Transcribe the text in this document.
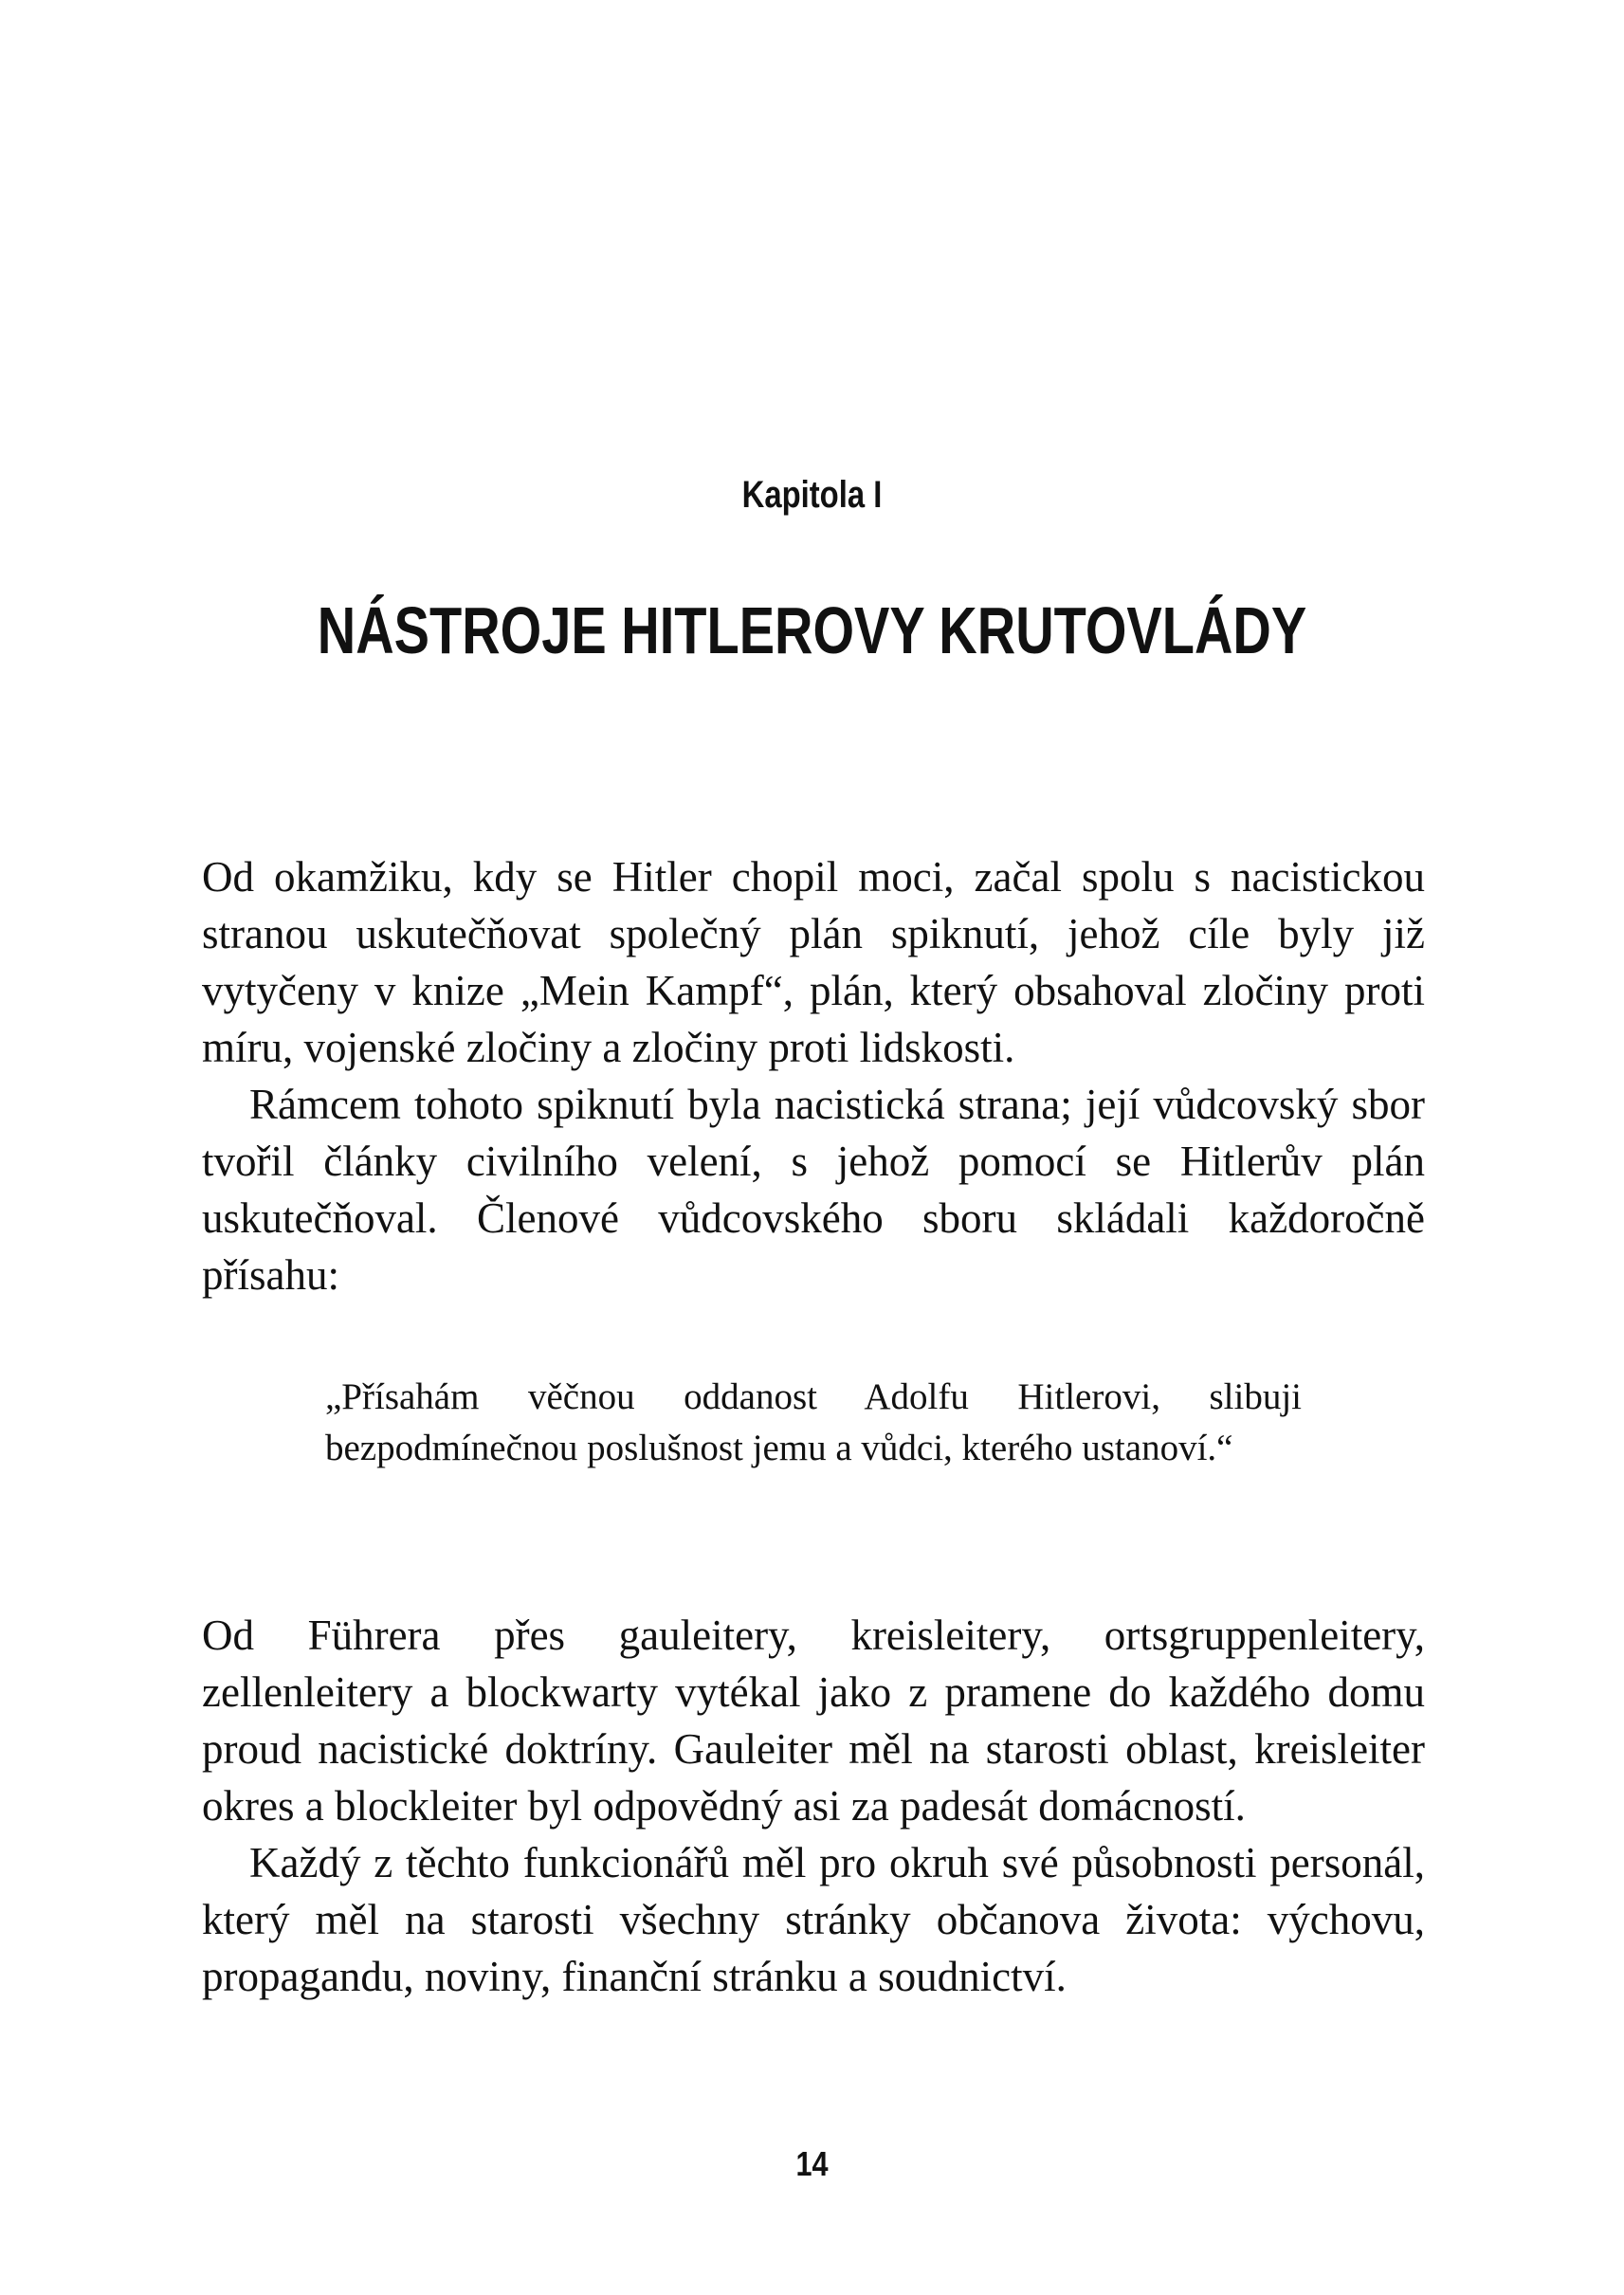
Kapitola I
NÁSTROJE HITLEROVY KRUTOVLÁDY

Od okamžiku, kdy se Hitler chopil moci, začal spolu s nacistickou stranou uskutečňovat společný plán spiknutí, jehož cíle byly již vytyčeny v knize „Mein Kampf“, plán, který obsahoval zločiny proti míru, vojenské zločiny a zločiny proti lidskosti.

Rámcem tohoto spiknutí byla nacistická strana; její vůdcovský sbor tvořil články civilního velení, s jehož pomocí se Hitlerův plán uskutečňoval. Členové vůdcovského sboru skládali každoročně přísahu:

„Přísahám věčnou oddanost Adolfu Hitlerovi, slibuji bezpodmínečnou poslušnost jemu a vůdci, kterého ustanoví.“

Od Führera přes gauleitery, kreisleitery, ortsgruppenleitery, zellenleitery a blockwarty vytékal jako z pramene do každého domu proud nacistické doktríny. Gauleiter měl na starosti oblast, kreisleiter okres a blockleiter byl odpovědný asi za padesát domácností.

Každý z těchto funkcionářů měl pro okruh své působnosti personál, který měl na starosti všechny stránky občanova života: výchovu, propagandu, noviny, finanční stránku a soudnictví.

14
